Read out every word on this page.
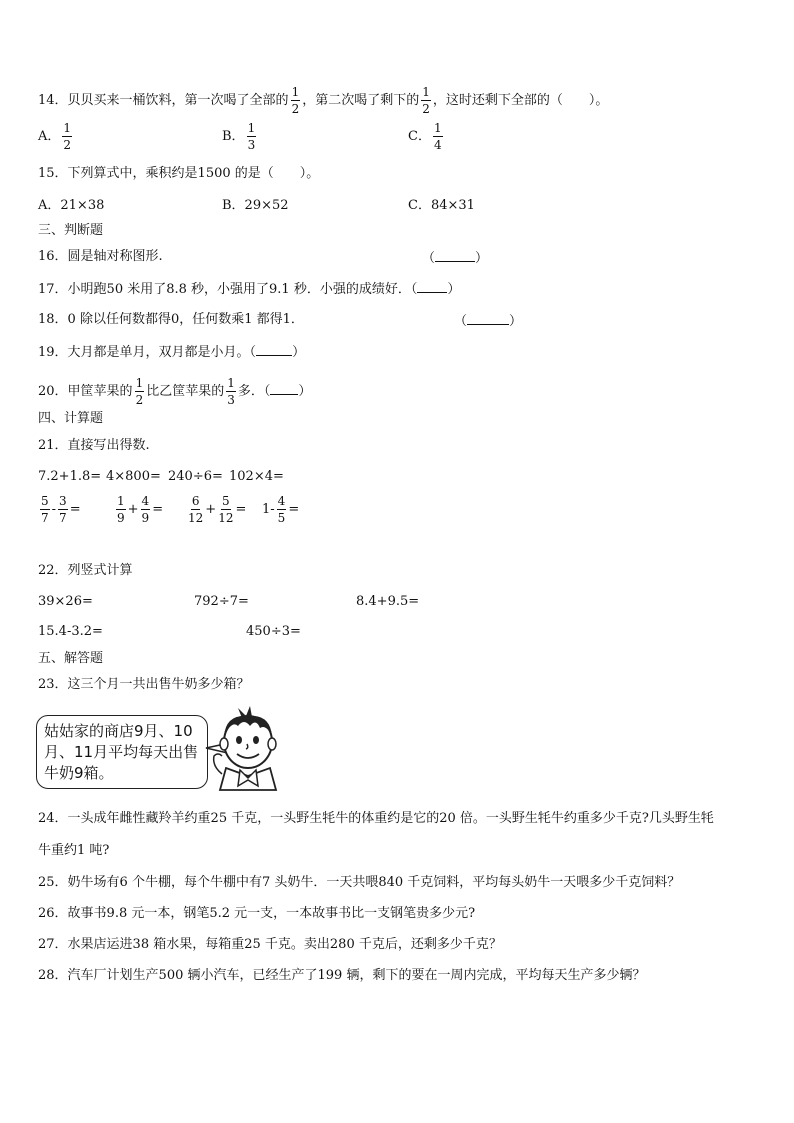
14．贝贝买来一桶饮料，第一次喝了全部的 $\frac{1}{2}$ ，第二次喝了剩下的 $\frac{1}{2}$ ，这时还剩下全部的（　　）。
A． $\frac{1}{2}$	B． $\frac{1}{3}$	C． $\frac{1}{4}$
15．下列算式中，乘积约是1500 的是（　　）。
A．21×38	B．29×52	C．84×31
三、判断题
16．圆是轴对称图形.	（	）
17．小明跑50 米用了8.8 秒，小强用了9.1 秒．小强的成绩好．（ ）
18．0 除以任何数都得0，任何数乘1 都得1．	（	）
19．大月都是单月，双月都是小月。（	）
20．甲筐苹果的 $\frac{1}{2}$ 比乙筐苹果的 $\frac{1}{3}$ 多．（ ）
四、计算题
21．直接写出得数.
7.2+1.8= 4×800= 240÷6= 102×4=
$\frac{5}{7} - \frac{3}{7}$ =	$\frac{1}{9} + \frac{4}{9} = \frac{6}{12} + \frac{5}{12} = 1- \frac{4}{5}$ =
22．列竖式计算
39×26=	792÷7=	8.4+9.5=
15.4-3.2=	450÷3=
五、解答题
23．这三个月一共出售牛奶多少箱？
姑姑家的商店9月、10月、11月平均每天出售牛奶9箱。
24．一头成年雌性藏羚羊约重25 千克，一头野生牦牛的体重约是它的20 倍。一头野生牦牛约重多少千克?几头野生牦
牛重约1 吨?
25．奶牛场有6 个牛棚，每个牛棚中有7 头奶牛．一天共喂840 千克饲料，平均每头奶牛一天喂多少千克饲料？
26．故事书9.8 元一本，钢笔5.2 元一支，一本故事书比一支钢笔贵多少元?
27．水果店运进38 箱水果，每箱重25 千克。卖出280 千克后，还剩多少千克？
28．汽车厂计划生产500 辆小汽车，已经生产了199 辆，剩下的要在一周内完成，平均每天生产多少辆？
